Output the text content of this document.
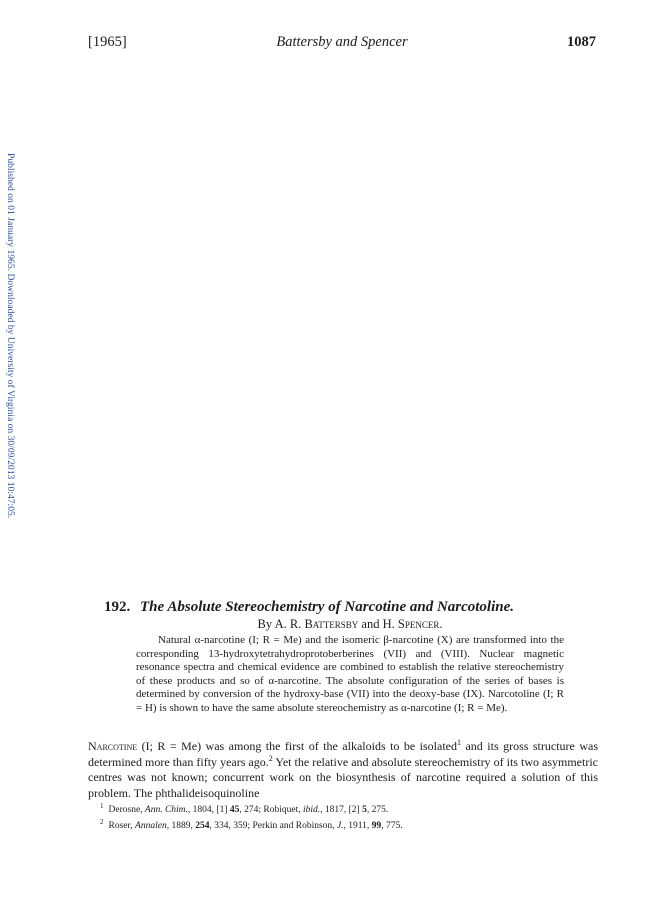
[1965]	Battersby and Spencer	1087
Published on 01 January 1965. Downloaded by University of Virginia on 30/09/2013 10:47:05.
192. The Absolute Stereochemistry of Narcotine and Narcotoline.
By A. R. Battersby and H. Spencer.

Natural α-narcotine (I; R = Me) and the isomeric β-narcotine (X) are transformed into the corresponding 13-hydroxytetrahydroprotoberberines (VII) and (VIII). Nuclear magnetic resonance spectra and chemical evidence are combined to establish the relative stereochemistry of these products and so of α-narcotine. The absolute configuration of the series of bases is determined by conversion of the hydroxy-base (VII) into the deoxy-base (IX). Narcotoline (I; R = H) is shown to have the same absolute stereochemistry as α-narcotine (I; R = Me).

Narcotine (I; R = Me) was among the first of the alkaloids to be isolated$^1$ and its gross structure was determined more than fifty years ago.$^2$ Yet the relative and absolute stereochemistry of its two asymmetric centres was not known; concurrent work on the biosynthesis of narcotine required a solution of this problem. The phthalideisoquinoline

$^1$ Derosne, Ann. Chim., 1804, [1] 45, 274; Robiquet, ibid., 1817, [2] 5, 275.
$^2$ Roser, Annalen, 1889, 254, 334, 359; Perkin and Robinson, J., 1911, 99, 775.
